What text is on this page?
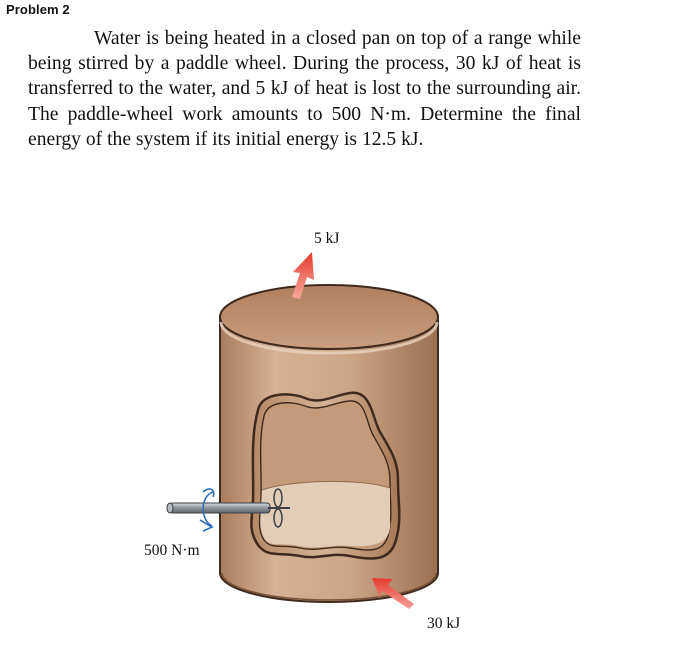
Problem 2

Water is being heated in a closed pan on top of a range while being stirred by a paddle wheel. During the process, 30 kJ of heat is transferred to the water, and 5 kJ of heat is lost to the surrounding air. The paddle-wheel work amounts to 500 N·m. Determine the final energy of the system if its initial energy is 12.5 kJ.

5 kJ
500 N·m
30 kJ
